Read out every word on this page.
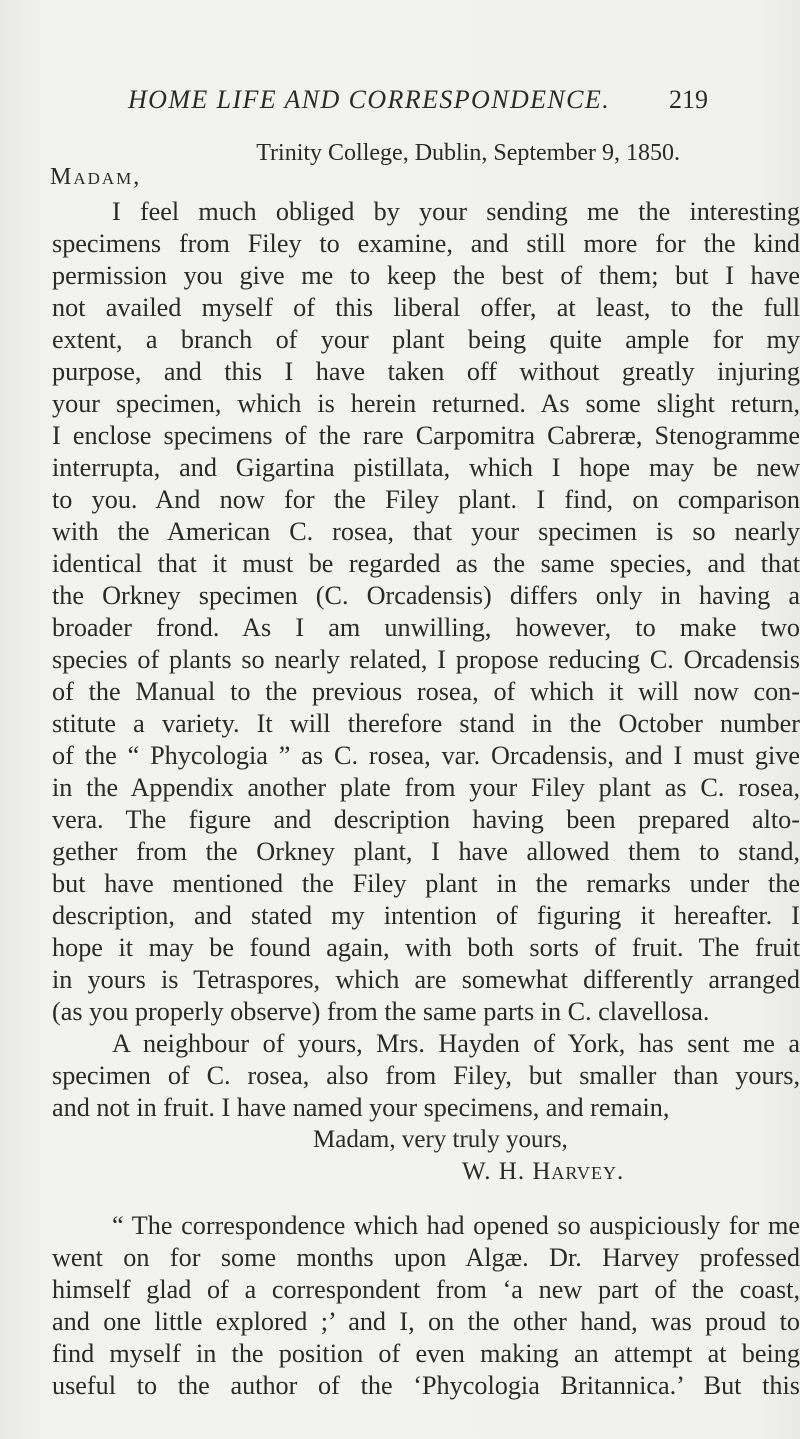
HOME LIFE AND CORRESPONDENCE. 219
Trinity College, Dublin, September 9, 1850.
Madam,
I feel much obliged by your sending me the interesting
specimens from Filey to examine, and still more for the kind
permission you give me to keep the best of them; but I have
not availed myself of this liberal offer, at least, to the full
extent, a branch of your plant being quite ample for my
purpose, and this I have taken off without greatly injuring
your specimen, which is herein returned. As some slight return,
I enclose specimens of the rare Carpomitra Cabreræ, Stenogramme
interrupta, and Gigartina pistillata, which I hope may be new
to you. And now for the Filey plant. I find, on comparison
with the American C. rosea, that your specimen is so nearly
identical that it must be regarded as the same species, and that
the Orkney specimen (C. Orcadensis) differs only in having a
broader frond. As I am unwilling, however, to make two
species of plants so nearly related, I propose reducing C. Orcadensis
of the Manual to the previous rosea, of which it will now con-
stitute a variety. It will therefore stand in the October number
of the “ Phycologia ” as C. rosea, var. Orcadensis, and I must give
in the Appendix another plate from your Filey plant as C. rosea,
vera. The figure and description having been prepared alto-
gether from the Orkney plant, I have allowed them to stand,
but have mentioned the Filey plant in the remarks under the
description, and stated my intention of figuring it hereafter. I
hope it may be found again, with both sorts of fruit. The fruit
in yours is Tetraspores, which are somewhat differently arranged
(as you properly observe) from the same parts in C. clavellosa.
A neighbour of yours, Mrs. Hayden of York, has sent me a
specimen of C. rosea, also from Filey, but smaller than yours,
and not in fruit. I have named your specimens, and remain,
Madam, very truly yours,
W. H. Harvey.
“ The correspondence which had opened so auspiciously for me
went on for some months upon Algæ. Dr. Harvey professed
himself glad of a correspondent from ‘a new part of the coast,
and one little explored ;’ and I, on the other hand, was proud to
find myself in the position of even making an attempt at being
useful to the author of the ‘Phycologia Britannica.’ But this
